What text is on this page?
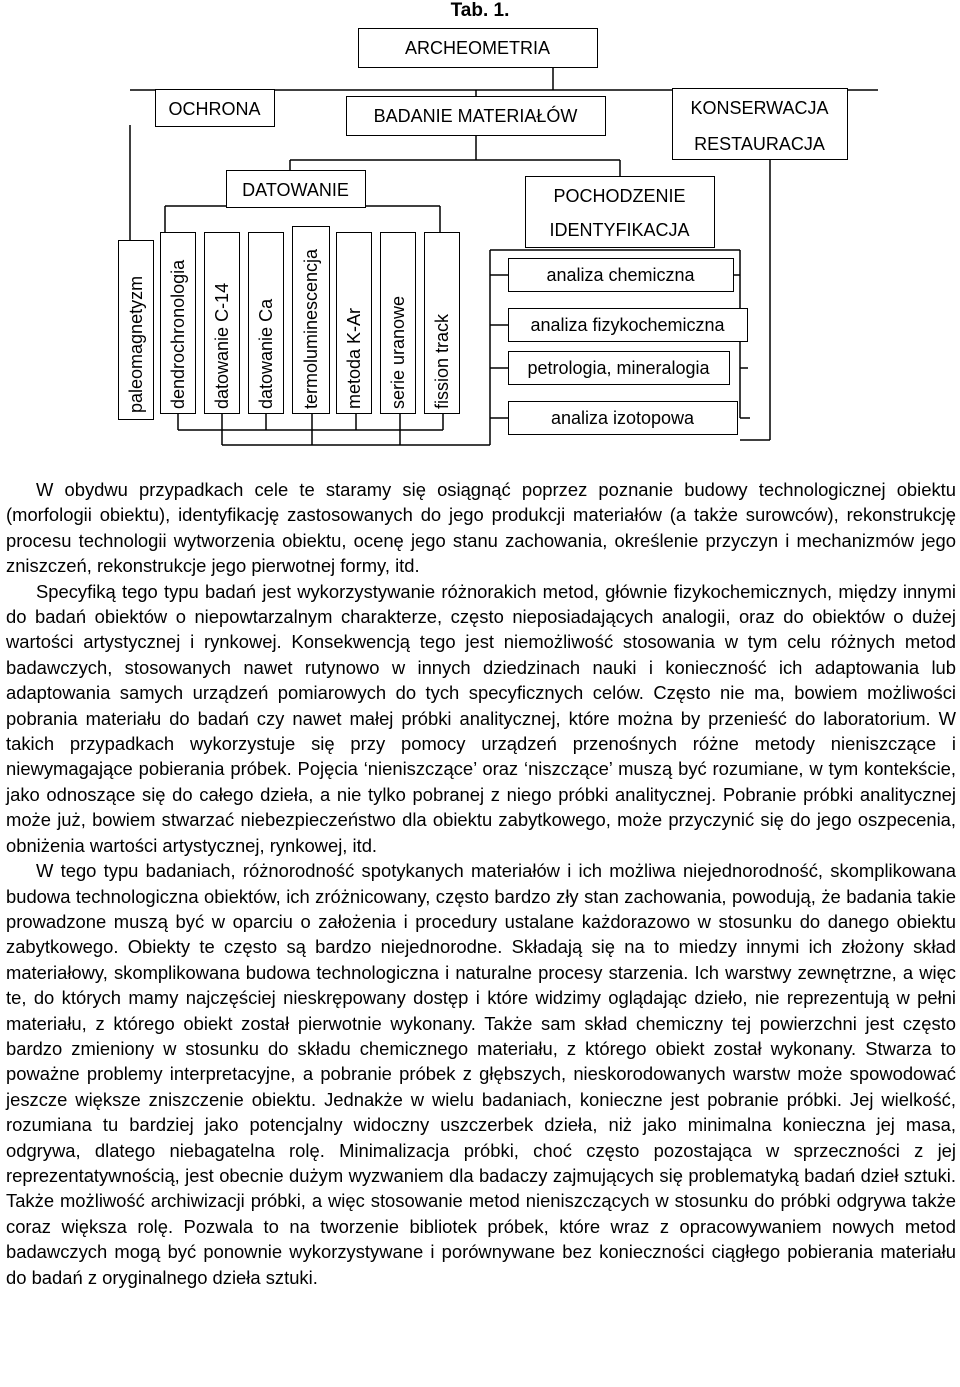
Tab. 1.
ARCHEOMETRIA
OCHRONA	BADANIE MATERIAŁÓW	KONSERWACJA
RESTAURACJA
DATOWANIE	POCHODZENIE
IDENTYFIKACJA
paleomagnetyzm dendrochronologia datowanie C-14 datowanie Ca termoluminescencja metoda K-Ar serie uranowe fission track
analiza chemiczna
analiza fizykochemiczna
petrologia, mineralogia
analiza izotopowa

W obydwu przypadkach cele te staramy się osiągnąć poprzez poznanie budowy technologicznej obiektu (morfologii obiektu), identyfikację zastosowanych do jego produkcji materiałów (a także surowców), rekonstrukcję procesu technologii wytworzenia obiektu, ocenę jego stanu zachowania, określenie przyczyn i mechanizmów jego zniszczeń, rekonstrukcje jego pierwotnej formy, itd.

Specyfiką tego typu badań jest wykorzystywanie różnorakich metod, głównie fizykochemicznych, między innymi do badań obiektów o niepowtarzalnym charakterze, często nieposiadających analogii, oraz do obiektów o dużej wartości artystycznej i rynkowej. Konsekwencją tego jest niemożliwość stosowania w tym celu różnych metod badawczych, stosowanych nawet rutynowo w innych dziedzinach nauki i konieczność ich adaptowania lub adaptowania samych urządzeń pomiarowych do tych specyficznych celów. Często nie ma, bowiem możliwości pobrania materiału do badań czy nawet małej próbki analitycznej, które można by przenieść do laboratorium. W takich przypadkach wykorzystuje się przy pomocy urządzeń przenośnych różne metody nieniszczące i niewymagające pobierania próbek. Pojęcia ‘nieniszczące’ oraz ‘niszczące’ muszą być rozumiane, w tym kontekście, jako odnoszące się do całego dzieła, a nie tylko pobranej z niego próbki analitycznej. Pobranie próbki analitycznej może już, bowiem stwarzać niebezpieczeństwo dla obiektu zabytkowego, może przyczynić się do jego oszpecenia, obniżenia wartości artystycznej, rynkowej, itd.

W tego typu badaniach, różnorodność spotykanych materiałów i ich możliwa niejednorodność, skomplikowana budowa technologiczna obiektów, ich zróżnicowany, często bardzo zły stan zachowania, powodują, że badania takie prowadzone muszą być w oparciu o założenia i procedury ustalane każdorazowo w stosunku do danego obiektu zabytkowego. Obiekty te często są bardzo niejednorodne. Składają się na to miedzy innymi ich złożony skład materiałowy, skomplikowana budowa technologiczna i naturalne procesy starzenia. Ich warstwy zewnętrzne, a więc te, do których mamy najczęściej nieskrępowany dostęp i które widzimy oglądając dzieło, nie reprezentują w pełni materiału, z którego obiekt został pierwotnie wykonany. Także sam skład chemiczny tej powierzchni jest często bardzo zmieniony w stosunku do składu chemicznego materiału, z którego obiekt został wykonany. Stwarza to poważne problemy interpretacyjne, a pobranie próbek z głębszych, nieskorodowanych warstw może spowodować jeszcze większe zniszczenie obiektu. Jednakże w wielu badaniach, konieczne jest pobranie próbki. Jej wielkość, rozumiana tu bardziej jako potencjalny widoczny uszczerbek dzieła, niż jako minimalna konieczna jej masa, odgrywa, dlatego niebagatelna rolę. Minimalizacja próbki, choć często pozostająca w sprzeczności z jej reprezentatywnością, jest obecnie dużym wyzwaniem dla badaczy zajmujących się problematyką badań dzieł sztuki. Także możliwość archiwizacji próbki, a więc stosowanie metod nieniszczących w stosunku do próbki odgrywa także coraz większa rolę. Pozwala to na tworzenie bibliotek próbek, które wraz z opracowywaniem nowych metod badawczych mogą być ponownie wykorzystywane i porównywane bez konieczności ciągłego pobierania materiału do badań z oryginalnego dzieła sztuki.
